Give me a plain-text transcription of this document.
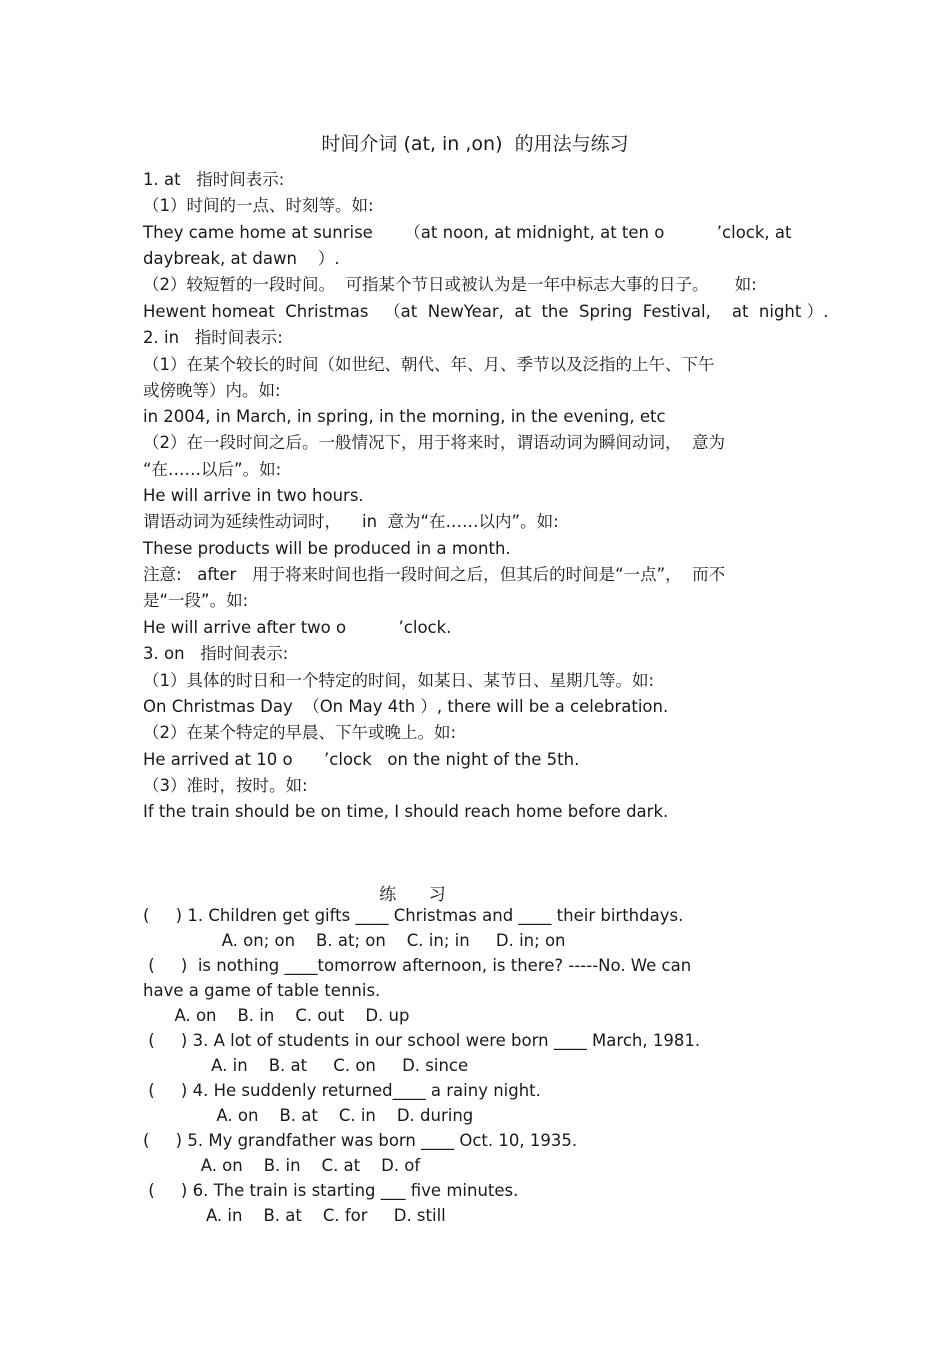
时间介词 (at, in ,on)  的用法与练习
1. at   指时间表示:
（1）时间的一点、时刻等。如:
They came home at sunrise      （at noon, at midnight, at ten o          ’clock, at
daybreak, at dawn    ）.
（2）较短暂的一段时间。  可指某个节日或被认为是一年中标志大事的日子。     如:
Hewent homeat  Christmas   （at  NewYear,  at  the  Spring  Festival,    at  night ）.
2. in   指时间表示:
（1）在某个较长的时间（如世纪、朝代、年、月、季节以及泛指的上午、下午
或傍晚等）内。如:
in 2004, in March, in spring, in the morning, in the evening, etc
（2）在一段时间之后。一般情况下，用于将来时，谓语动词为瞬间动词，  意为
“在……以后”。如:
He will arrive in two hours.
谓语动词为延续性动词时，    in  意为“在……以内”。如:
These products will be produced in a month.
注意:   after   用于将来时间也指一段时间之后，但其后的时间是“一点”，  而不
是“一段”。如:
He will arrive after two o          ’clock.
3. on   指时间表示:
（1）具体的时日和一个特定的时间，如某日、某节日、星期几等。如:
On Christmas Day  （On May 4th ）, there will be a celebration.
（2）在某个特定的早晨、下午或晚上。如:
He arrived at 10 o      ’clock   on the night of the 5th.
（3）准时，按时。如:
If the train should be on time, I should reach home before dark.
练      习
(     ) 1. Children get gifts ____ Christmas and ____ their birthdays.
A. on; on    B. at; on    C. in; in     D. in; on
(     )  is nothing ____tomorrow afternoon, is there? -----No. We can
have a game of table tennis.
A. on    B. in    C. out    D. up
(     ) 3. A lot of students in our school were born ____ March, 1981.
A. in    B. at     C. on     D. since
(     ) 4. He suddenly returned____ a rainy night.
A. on    B. at    C. in    D. during
(     ) 5. My grandfather was born ____ Oct. 10, 1935.
A. on    B. in    C. at    D. of
(     ) 6. The train is starting ___ five minutes.
A. in    B. at    C. for     D. still
